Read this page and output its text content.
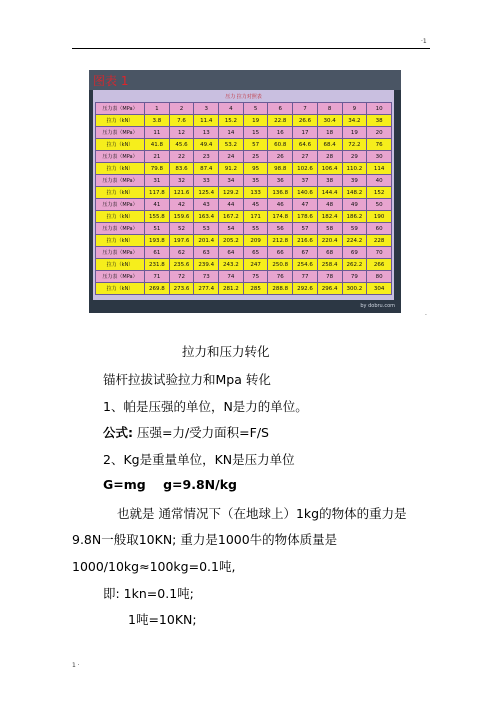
·1
图表 1
压力 拉力对照表
压力表（MPa）	1	2	3	4	5	6	7	8	9	10
拉力（kN）	3.8	7.6	11.4	15.2	19	22.8	26.6	30.4	34.2	38
压力表（MPa）	11	12	13	14	15	16	17	18	19	20
拉力（kN）	41.8	45.6	49.4	53.2	57	60.8	64.6	68.4	72.2	76
压力表（MPa）	21	22	23	24	25	26	27	28	29	30
拉力（kN）	79.8	83.6	87.4	91.2	95	98.8	102.6	106.4	110.2	114
压力表（MPa）	31	32	33	34	35	36	37	38	39	40
拉力（kN）	117.8	121.6	125.4	129.2	133	136.8	140.6	144.4	148.2	152
压力表（MPa）	41	42	43	44	45	46	47	48	49	50
拉力（kN）	155.8	159.6	163.4	167.2	171	174.8	178.6	182.4	186.2	190
压力表（MPa）	51	52	53	54	55	56	57	58	59	60
拉力（kN）	193.8	197.6	201.4	205.2	209	212.8	216.6	220.4	224.2	228
压力表（MPa）	61	62	63	64	65	66	67	68	69	70
拉力（kN）	231.8	235.6	239.4	243.2	247	250.8	254.6	258.4	262.2	266
压力表（MPa）	71	72	73	74	75	76	77	78	79	80
拉力（kN）	269.8	273.6	277.4	281.2	285	288.8	292.6	296.4	300.2	304
by dobru.com
·
拉力和压力转化
锚杆拉拔试验拉力和Mpa 转化
1、帕是压强的单位，N是力的单位。
公式: 压强=力/受力面积=F/S
2、Kg是重量单位，KN是压力单位
G=mg    g=9.8N/kg
也就是 通常情况下（在地球上）1kg的物体的重力是
9.8N一般取10KN; 重力是1000牛的物体质量是
1000/10kg≈100kg=0.1吨,
即: 1kn=0.1吨;
1吨=10KN;
1 ·
